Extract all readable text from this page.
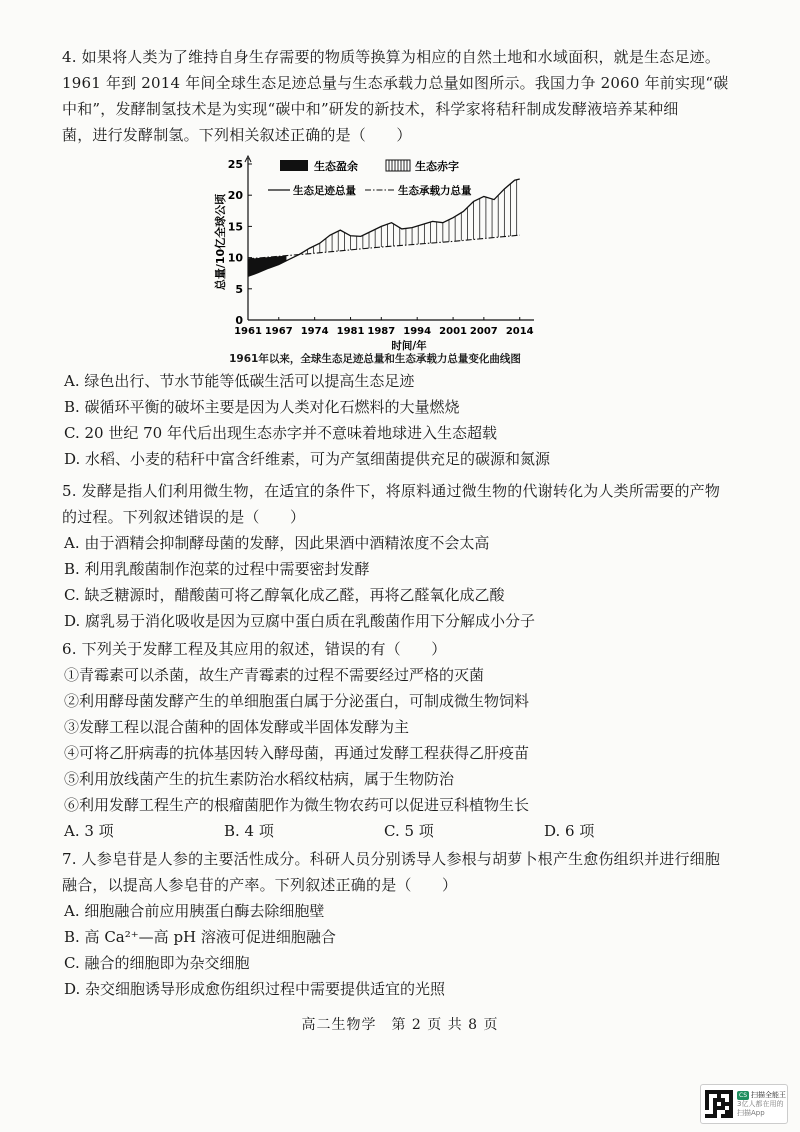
4. 如果将人类为了维持自身生存需要的物质等换算为相应的自然土地和水域面积，就是生态足迹。
1961 年到 2014 年间全球生态足迹总量与生态承载力总量如图所示。我国力争 2060 年前实现“碳
中和”，发酵制氢技术是为实现“碳中和”研发的新技术，科学家将秸秆制成发酵液培养某种细
菌，进行发酵制氢。下列相关叙述正确的是（　　）
0
5
10
15
20
25
1961 1967 1974 1981 1987 1994 2001 2007 2014
总量/10亿全球公顷
时间/年
生态盈余	生态赤字
生态足迹总量	生态承载力总量
1961年以来，全球生态足迹总量和生态承载力总量变化曲线图
A. 绿色出行、节水节能等低碳生活可以提高生态足迹
B. 碳循环平衡的破坏主要是因为人类对化石燃料的大量燃烧
C. 20 世纪 70 年代后出现生态赤字并不意味着地球进入生态超载
D. 水稻、小麦的秸秆中富含纤维素，可为产氢细菌提供充足的碳源和氮源
5. 发酵是指人们利用微生物，在适宜的条件下，将原料通过微生物的代谢转化为人类所需要的产物
的过程。下列叙述错误的是（　　）
A. 由于酒精会抑制酵母菌的发酵，因此果酒中酒精浓度不会太高
B. 利用乳酸菌制作泡菜的过程中需要密封发酵
C. 缺乏糖源时，醋酸菌可将乙醇氧化成乙醛，再将乙醛氧化成乙酸
D. 腐乳易于消化吸收是因为豆腐中蛋白质在乳酸菌作用下分解成小分子
6. 下列关于发酵工程及其应用的叙述，错误的有（　　）
①青霉素可以杀菌，故生产青霉素的过程不需要经过严格的灭菌
②利用酵母菌发酵产生的单细胞蛋白属于分泌蛋白，可制成微生物饲料
③发酵工程以混合菌种的固体发酵或半固体发酵为主
④可将乙肝病毒的抗体基因转入酵母菌，再通过发酵工程获得乙肝疫苗
⑤利用放线菌产生的抗生素防治水稻纹枯病，属于生物防治
⑥利用发酵工程生产的根瘤菌肥作为微生物农药可以促进豆科植物生长
A. 3 项	B. 4 项	C. 5 项	D. 6 项
7. 人参皂苷是人参的主要活性成分。科研人员分别诱导人参根与胡萝卜根产生愈伤组织并进行细胞
融合，以提高人参皂苷的产率。下列叙述正确的是（　　）
A. 细胞融合前应用胰蛋白酶去除细胞壁
B. 高 Ca²⁺—高 pH 溶液可促进细胞融合
C. 融合的细胞即为杂交细胞
D. 杂交细胞诱导形成愈伤组织过程中需要提供适宜的光照
高二生物学　第 2 页 共 8 页
CS 扫描全能王
3亿人都在用的扫描App
